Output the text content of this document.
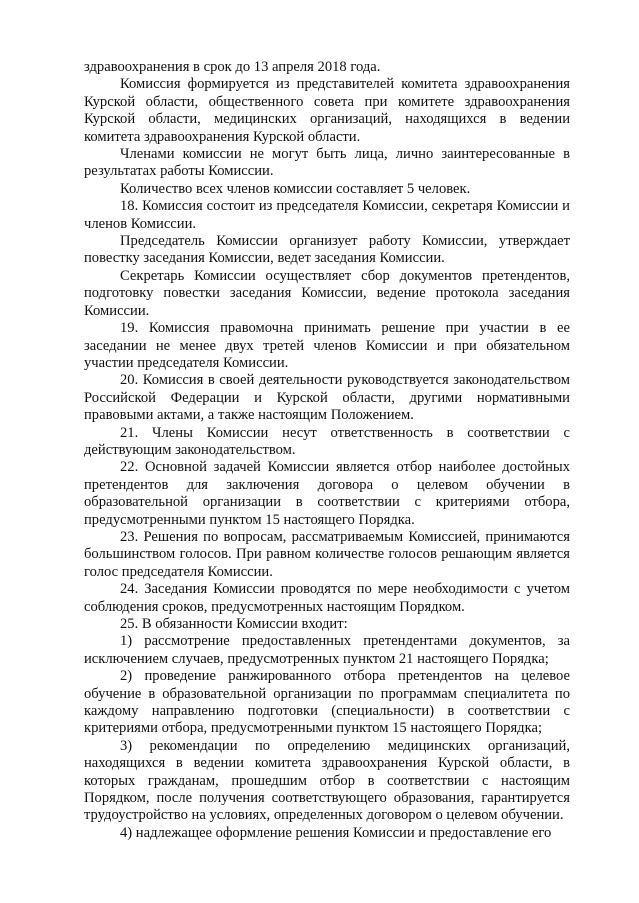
здравоохранения в срок до 13 апреля 2018 года.

Комиссия формируется из представителей комитета здравоохранения Курской области, общественного совета при комитете здравоохранения Курской области, медицинских организаций, находящихся в ведении комитета здравоохранения Курской области.

Членами комиссии не могут быть лица, лично заинтересованные в результатах работы Комиссии.

Количество всех членов комиссии составляет 5 человек.

18. Комиссия состоит из председателя Комиссии, секретаря Комиссии и членов Комиссии.

Председатель Комиссии организует работу Комиссии, утверждает повестку заседания Комиссии, ведет заседания Комиссии.

Секретарь Комиссии осуществляет сбор документов претендентов, подготовку повестки заседания Комиссии, ведение протокола заседания Комиссии.

19. Комиссия правомочна принимать решение при участии в ее заседании не менее двух третей членов Комиссии и при обязательном участии председателя Комиссии.

20. Комиссия в своей деятельности руководствуется законодательством Российской Федерации и Курской области, другими нормативными правовыми актами, а также настоящим Положением.

21. Члены Комиссии несут ответственность в соответствии с действующим законодательством.

22. Основной задачей Комиссии является отбор наиболее достойных претендентов для заключения договора о целевом обучении в образовательной организации в соответствии с критериями отбора, предусмотренными пунктом 15 настоящего Порядка.

23. Решения по вопросам, рассматриваемым Комиссией, принимаются большинством голосов. При равном количестве голосов решающим является голос председателя Комиссии.

24. Заседания Комиссии проводятся по мере необходимости с учетом соблюдения сроков, предусмотренных настоящим Порядком.

25. В обязанности Комиссии входит:

1) рассмотрение предоставленных претендентами документов, за исключением случаев, предусмотренных пунктом 21 настоящего Порядка;

2) проведение ранжированного отбора претендентов на целевое обучение в образовательной организации по программам специалитета по каждому направлению подготовки (специальности) в соответствии с критериями отбора, предусмотренными пунктом 15 настоящего Порядка;

3) рекомендации по определению медицинских организаций, находящихся в ведении комитета здравоохранения Курской области, в которых гражданам, прошедшим отбор в соответствии с настоящим Порядком, после получения соответствующего образования, гарантируется трудоустройство на условиях, определенных договором о целевом обучении.

4) надлежащее оформление решения Комиссии и предоставление его
